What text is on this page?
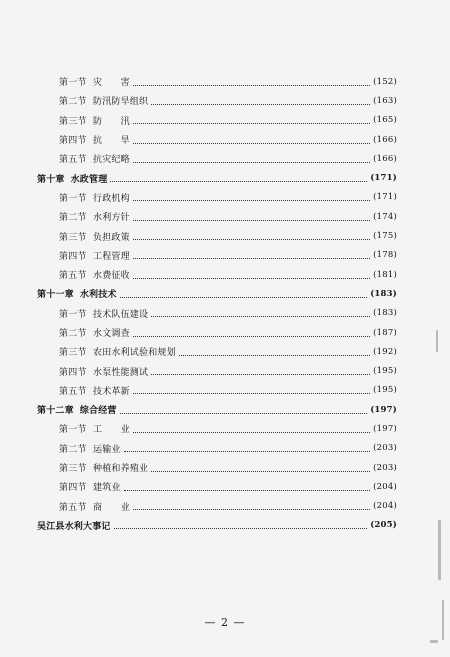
第一节 灾　　害	(152)
第二节 防汛防旱组织	(163)
第三节 防　　汛	(165)
第四节 抗　　旱	(166)
第五节 抗灾纪略	(166)
第十章 水政管理	(171)
第一节 行政机构	(171)
第二节 水利方针	(174)
第三节 负担政策	(175)
第四节 工程管理	(178)
第五节 水费征收	(181)
第十一章 水利技术	(183)
第一节 技术队伍建设	(183)
第二节 水文调查	(187)
第三节 农田水利试验和规划	(192)
第四节 水泵性能测试	(195)
第五节 技术革新	(195)
第十二章 综合经营	(197)
第一节 工　　业	(197)
第二节 运输业	(203)
第三节 种植和养殖业	(203)
第四节 建筑业	(204)
第五节 商　　业	(204)
吴江县水利大事记	(205)
— 2 —
